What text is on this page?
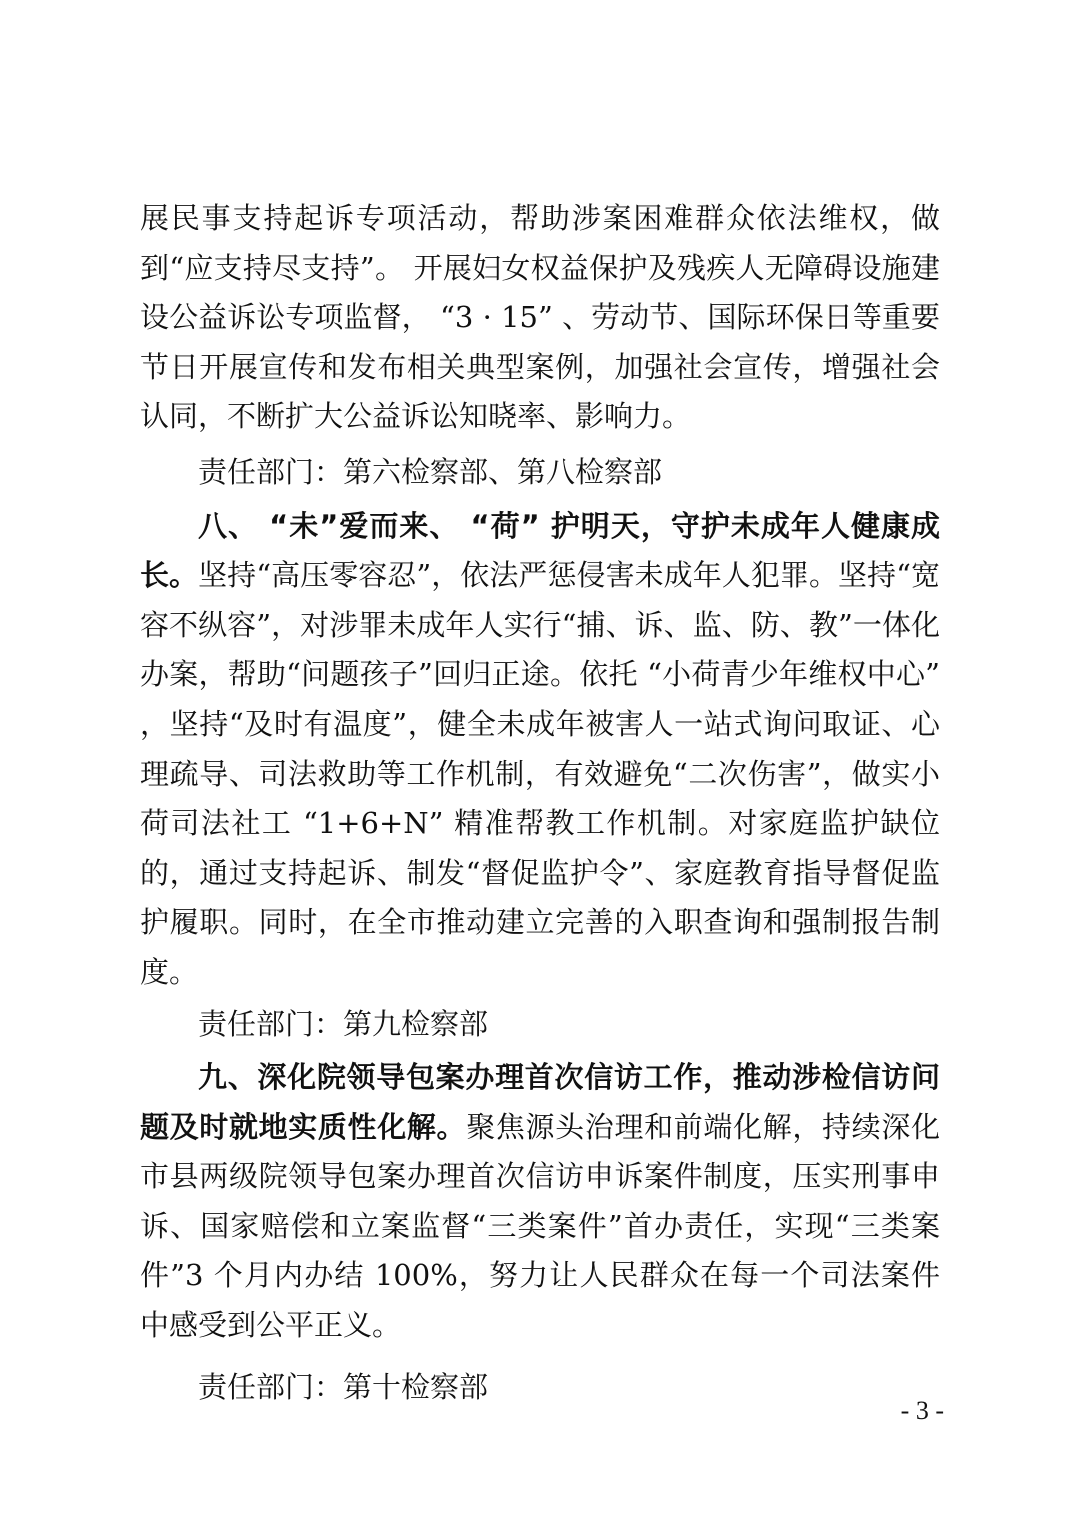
展民事支持起诉专项活动，帮助涉案困难群众依法维权，做到“应支持尽支持”。 开展妇女权益保护及残疾人无障碍设施建设公益诉讼专项监督， “3 · 15” 、劳动节、国际环保日等重要节日开展宣传和发布相关典型案例，加强社会宣传，增强社会认同，不断扩大公益诉讼知晓率、影响力。

责任部门：第六检察部、第八检察部

八、 “未”爱而来、 “荷” 护明天，守护未成年人健康成长。坚持“高压零容忍”，依法严惩侵害未成年人犯罪。坚持“宽容不纵容”，对涉罪未成年人实行“捕、诉、监、防、教”一体化办案，帮助“问题孩子”回归正途。依托 “小荷青少年维权中心” ，坚持“及时有温度”，健全未成年被害人一站式询问取证、心理疏导、司法救助等工作机制，有效避免“二次伤害”，做实小荷司法社工 “1+6+N” 精准帮教工作机制。对家庭监护缺位的，通过支持起诉、制发“督促监护令”、家庭教育指导督促监护履职。同时，在全市推动建立完善的入职查询和强制报告制度。

责任部门：第九检察部

九、深化院领导包案办理首次信访工作，推动涉检信访问题及时就地实质性化解。聚焦源头治理和前端化解，持续深化市县两级院领导包案办理首次信访申诉案件制度，压实刑事申诉、国家赔偿和立案监督“三类案件”首办责任，实现“三类案件”3 个月内办结 100%，努力让人民群众在每一个司法案件中感受到公平正义。

责任部门：第十检察部

- 3 -
